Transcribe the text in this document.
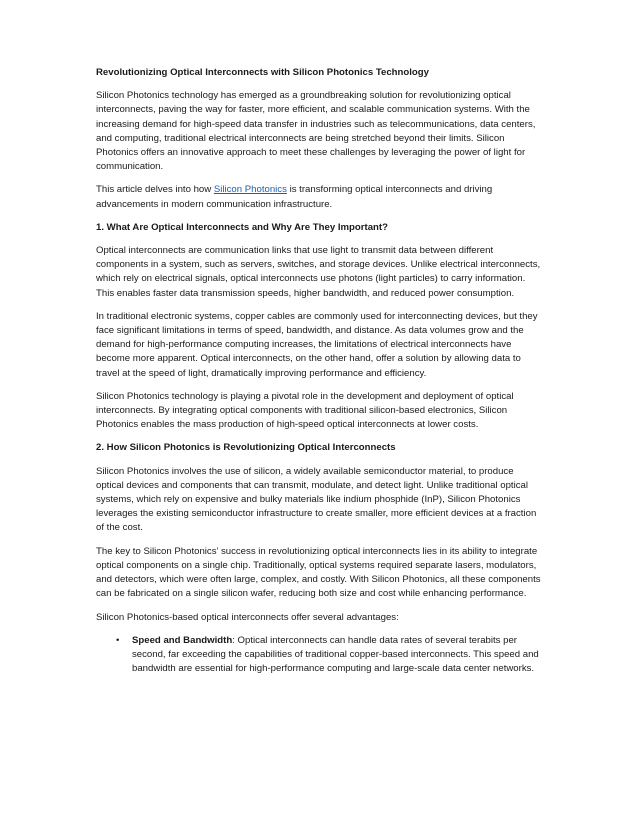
Revolutionizing Optical Interconnects with Silicon Photonics Technology

Silicon Photonics technology has emerged as a groundbreaking solution for revolutionizing optical interconnects, paving the way for faster, more efficient, and scalable communication systems. With the increasing demand for high-speed data transfer in industries such as telecommunications, data centers, and computing, traditional electrical interconnects are being stretched beyond their limits. Silicon Photonics offers an innovative approach to meet these challenges by leveraging the power of light for communication.

This article delves into how Silicon Photonics is transforming optical interconnects and driving advancements in modern communication infrastructure.

1. What Are Optical Interconnects and Why Are They Important?

Optical interconnects are communication links that use light to transmit data between different components in a system, such as servers, switches, and storage devices. Unlike electrical interconnects, which rely on electrical signals, optical interconnects use photons (light particles) to carry information. This enables faster data transmission speeds, higher bandwidth, and reduced power consumption.

In traditional electronic systems, copper cables are commonly used for interconnecting devices, but they face significant limitations in terms of speed, bandwidth, and distance. As data volumes grow and the demand for high-performance computing increases, the limitations of electrical interconnects have become more apparent. Optical interconnects, on the other hand, offer a solution by allowing data to travel at the speed of light, dramatically improving performance and efficiency.

Silicon Photonics technology is playing a pivotal role in the development and deployment of optical interconnects. By integrating optical components with traditional silicon-based electronics, Silicon Photonics enables the mass production of high-speed optical interconnects at lower costs.

2. How Silicon Photonics is Revolutionizing Optical Interconnects

Silicon Photonics involves the use of silicon, a widely available semiconductor material, to produce optical devices and components that can transmit, modulate, and detect light. Unlike traditional optical systems, which rely on expensive and bulky materials like indium phosphide (InP), Silicon Photonics leverages the existing semiconductor infrastructure to create smaller, more efficient devices at a fraction of the cost.

The key to Silicon Photonics’ success in revolutionizing optical interconnects lies in its ability to integrate optical components on a single chip. Traditionally, optical systems required separate lasers, modulators, and detectors, which were often large, complex, and costly. With Silicon Photonics, all these components can be fabricated on a single silicon wafer, reducing both size and cost while enhancing performance.

Silicon Photonics-based optical interconnects offer several advantages:

• Speed and Bandwidth: Optical interconnects can handle data rates of several terabits per second, far exceeding the capabilities of traditional copper-based interconnects. This speed and bandwidth are essential for high-performance computing and large-scale data center networks.
